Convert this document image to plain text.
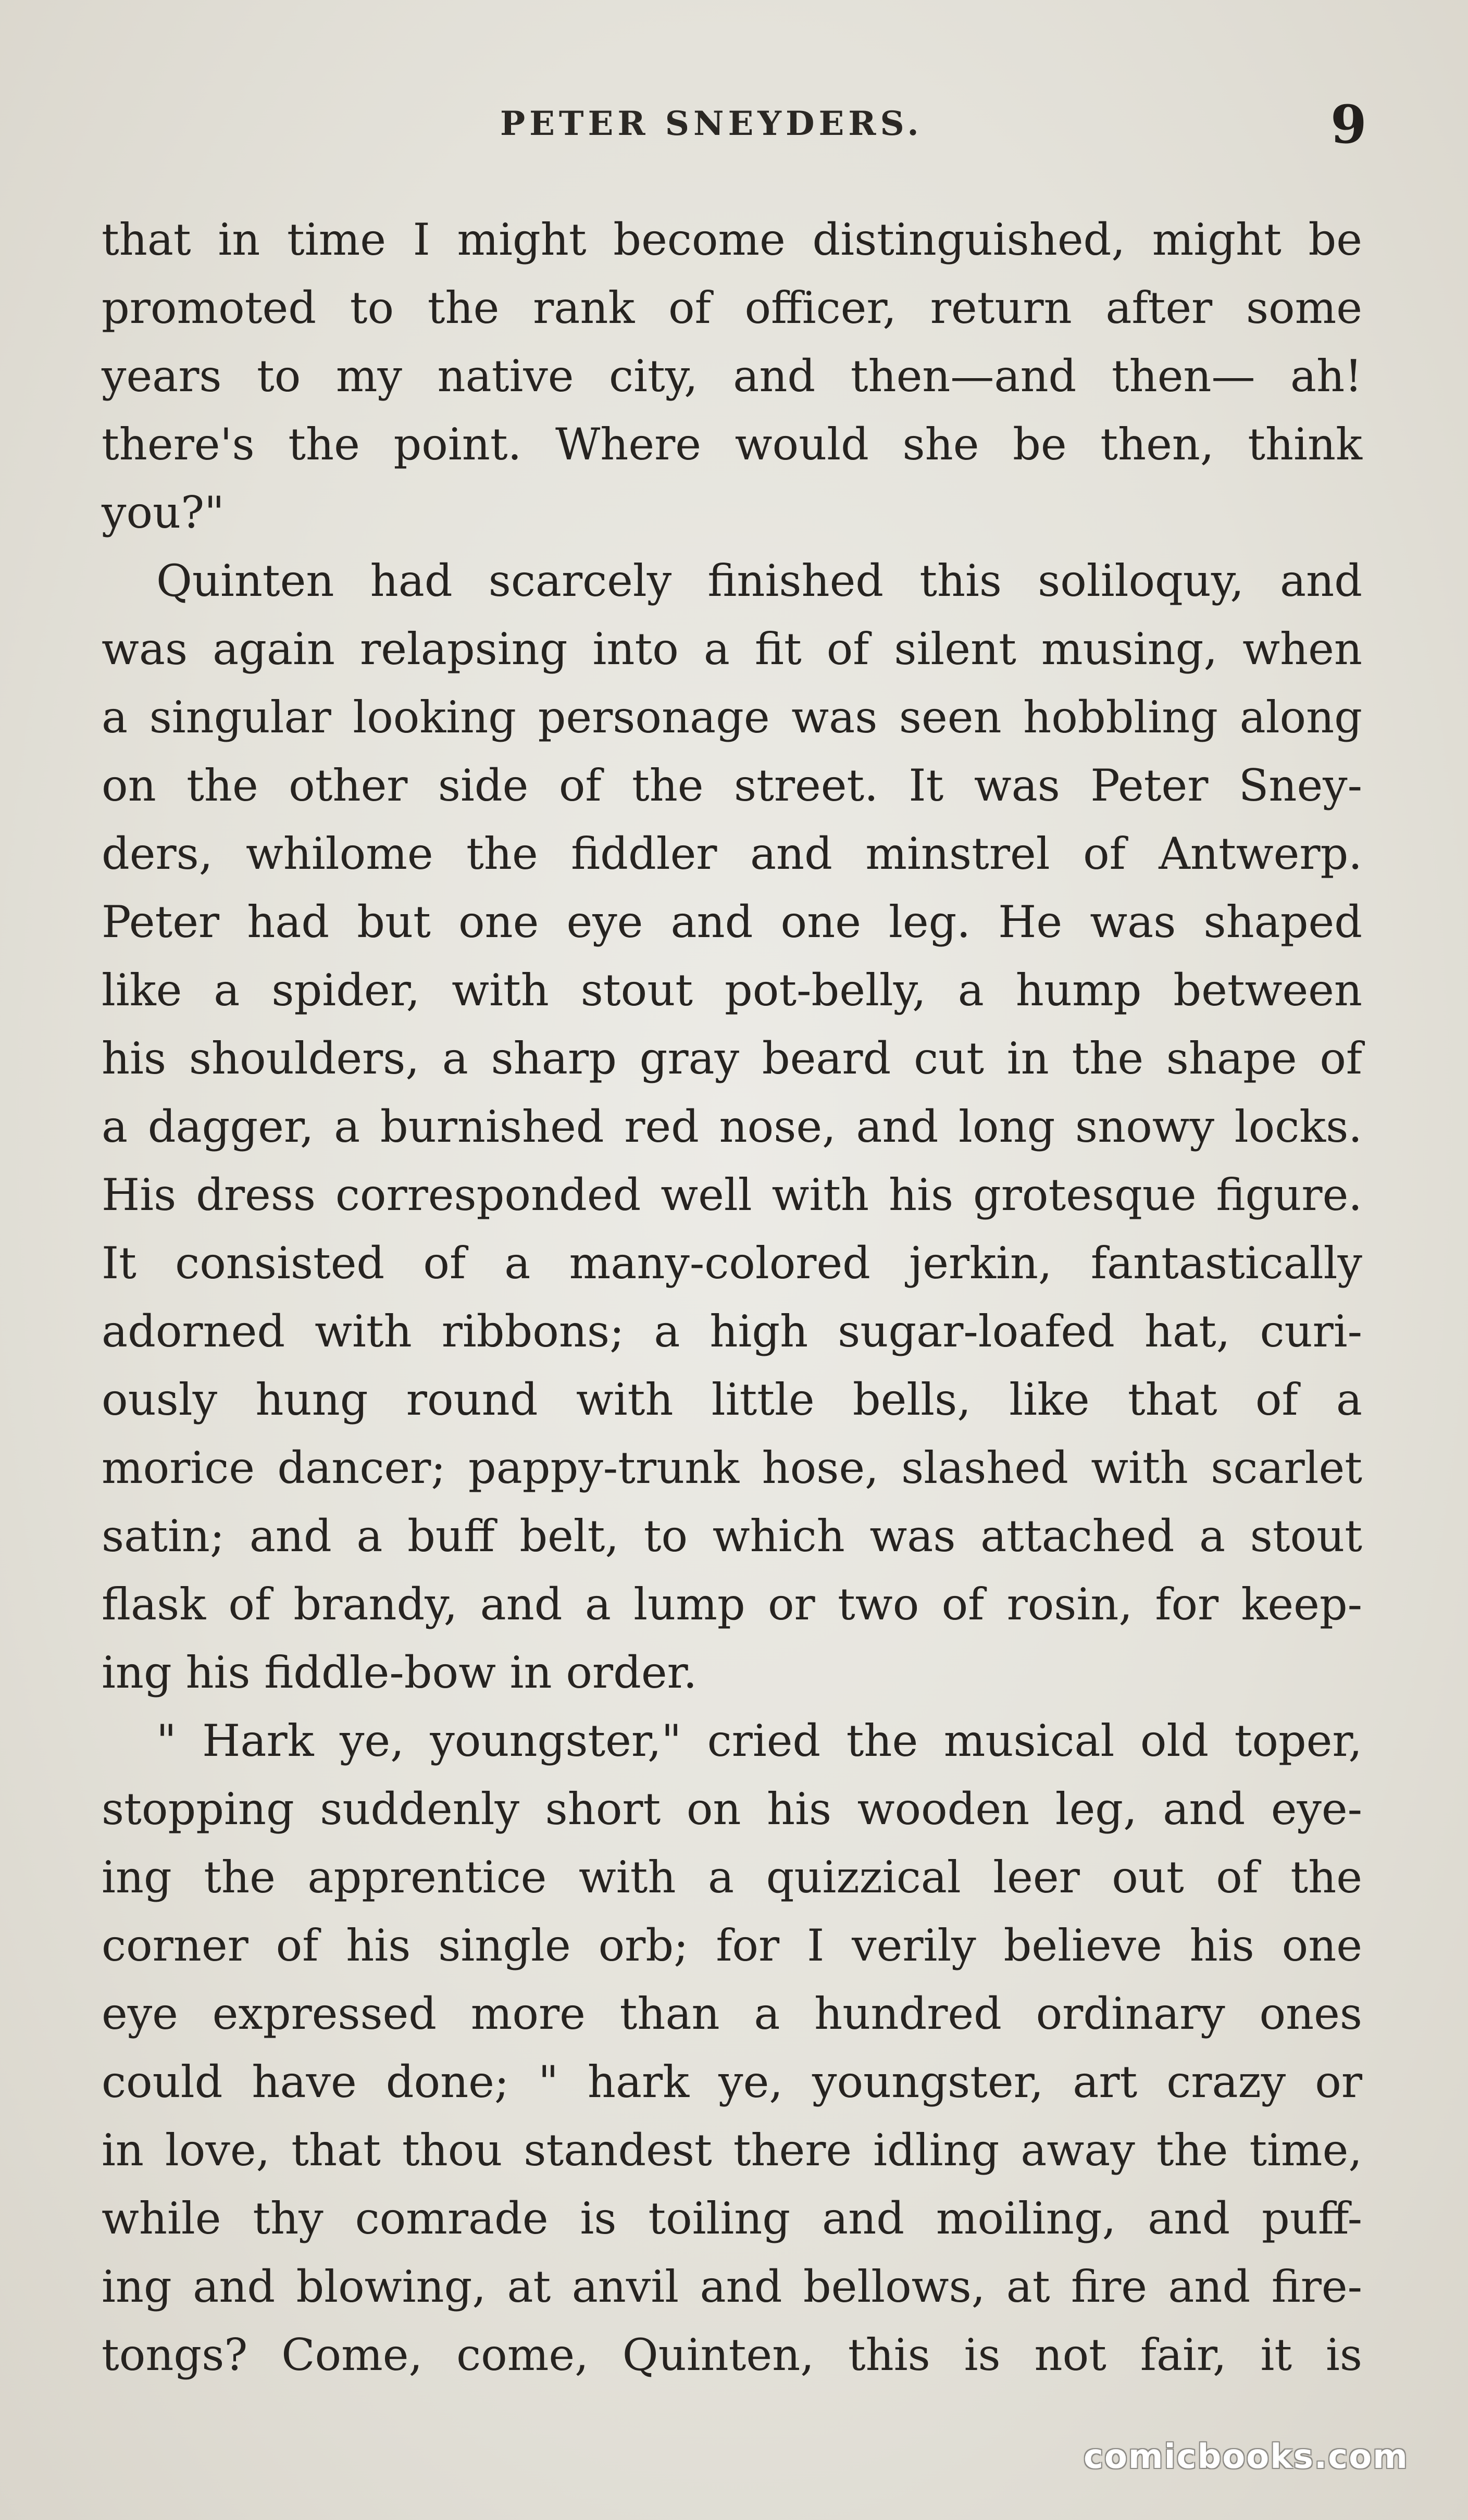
PETER SNEYDERS.	9
that in time I might become distinguished, might be
promoted to the rank of officer, return after some
years to my native city, and then—and then— ah!
there's the point. Where would she be then, think
you?"
Quinten had scarcely finished this soliloquy, and
was again relapsing into a fit of silent musing, when
a singular looking personage was seen hobbling along
on the other side of the street. It was Peter Sney-
ders, whilome the fiddler and minstrel of Antwerp.
Peter had but one eye and one leg. He was shaped
like a spider, with stout pot-belly, a hump between
his shoulders, a sharp gray beard cut in the shape of
a dagger, a burnished red nose, and long snowy locks.
His dress corresponded well with his grotesque figure.
It consisted of a many-colored jerkin, fantastically
adorned with ribbons; a high sugar-loafed hat, curi-
ously hung round with little bells, like that of a
morice dancer; pappy-trunk hose, slashed with scarlet
satin; and a buff belt, to which was attached a stout
flask of brandy, and a lump or two of rosin, for keep-
ing his fiddle-bow in order.
" Hark ye, youngster," cried the musical old toper,
stopping suddenly short on his wooden leg, and eye-
ing the apprentice with a quizzical leer out of the
corner of his single orb; for I verily believe his one
eye expressed more than a hundred ordinary ones
could have done; " hark ye, youngster, art crazy or
in love, that thou standest there idling away the time,
while thy comrade is toiling and moiling, and puff-
ing and blowing, at anvil and bellows, at fire and fire-
tongs? Come, come, Quinten, this is not fair, it is
comicbooks.com
